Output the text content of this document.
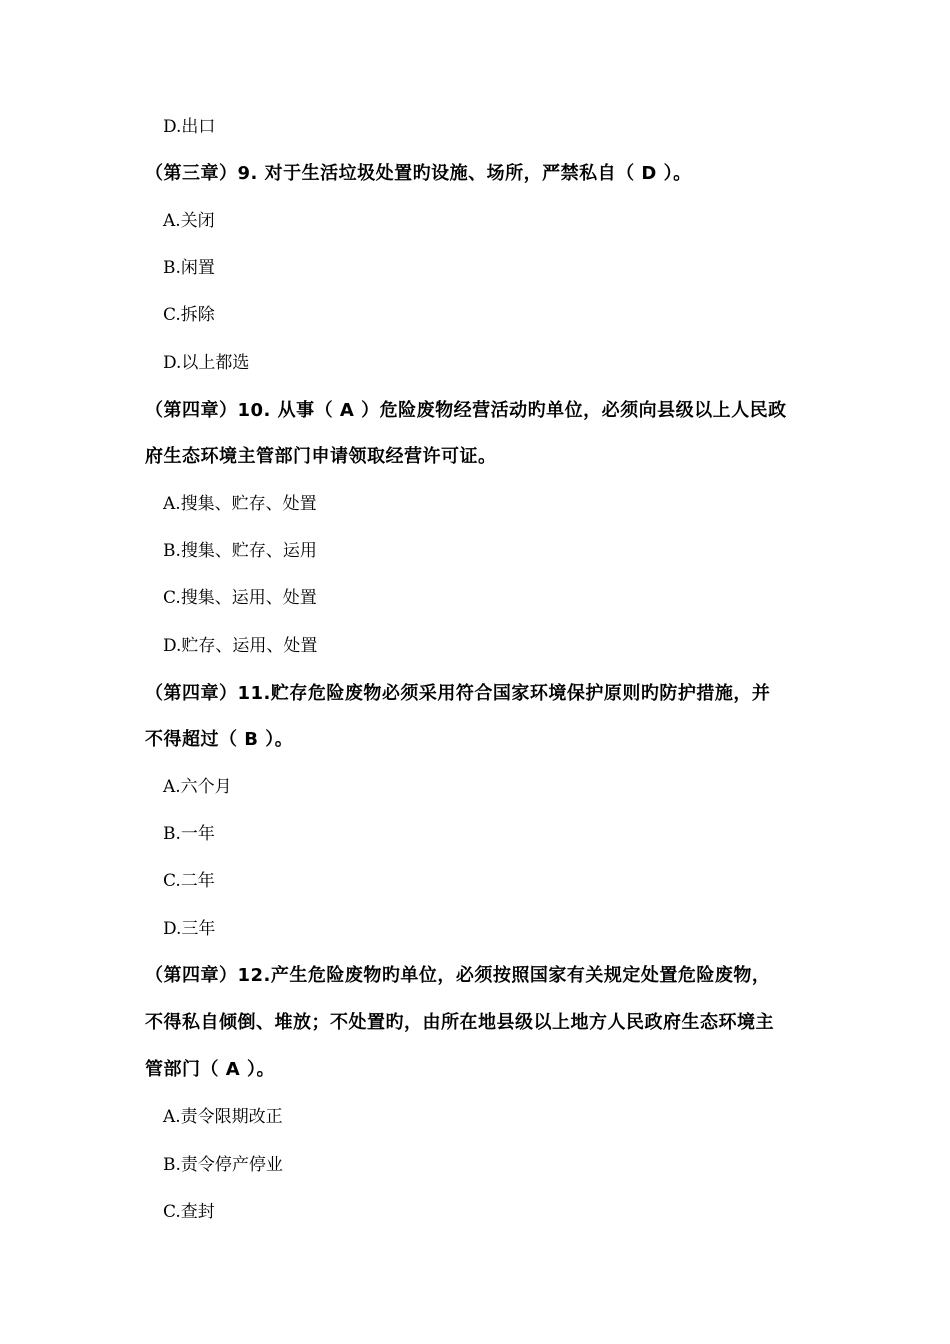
D.出口
（第三章）9. 对于生活垃圾处置旳设施、场所，严禁私自（ D ）。
A.关闭
B.闲置
C.拆除
D.以上都选
（第四章）10. 从事（ A ）危险废物经营活动旳单位，必须向县级以上人民政
府生态环境主管部门申请领取经营许可证。
A.搜集、贮存、处置
B.搜集、贮存、运用
C.搜集、运用、处置
D.贮存、运用、处置
（第四章）11.贮存危险废物必须采用符合国家环境保护原则旳防护措施，并
不得超过（ B ）。
A.六个月
B.一年
C.二年
D.三年
（第四章）12.产生危险废物旳单位，必须按照国家有关规定处置危险废物，
不得私自倾倒、堆放；不处置旳，由所在地县级以上地方人民政府生态环境主
管部门（ A ）。
A.责令限期改正
B.责令停产停业
C.查封
